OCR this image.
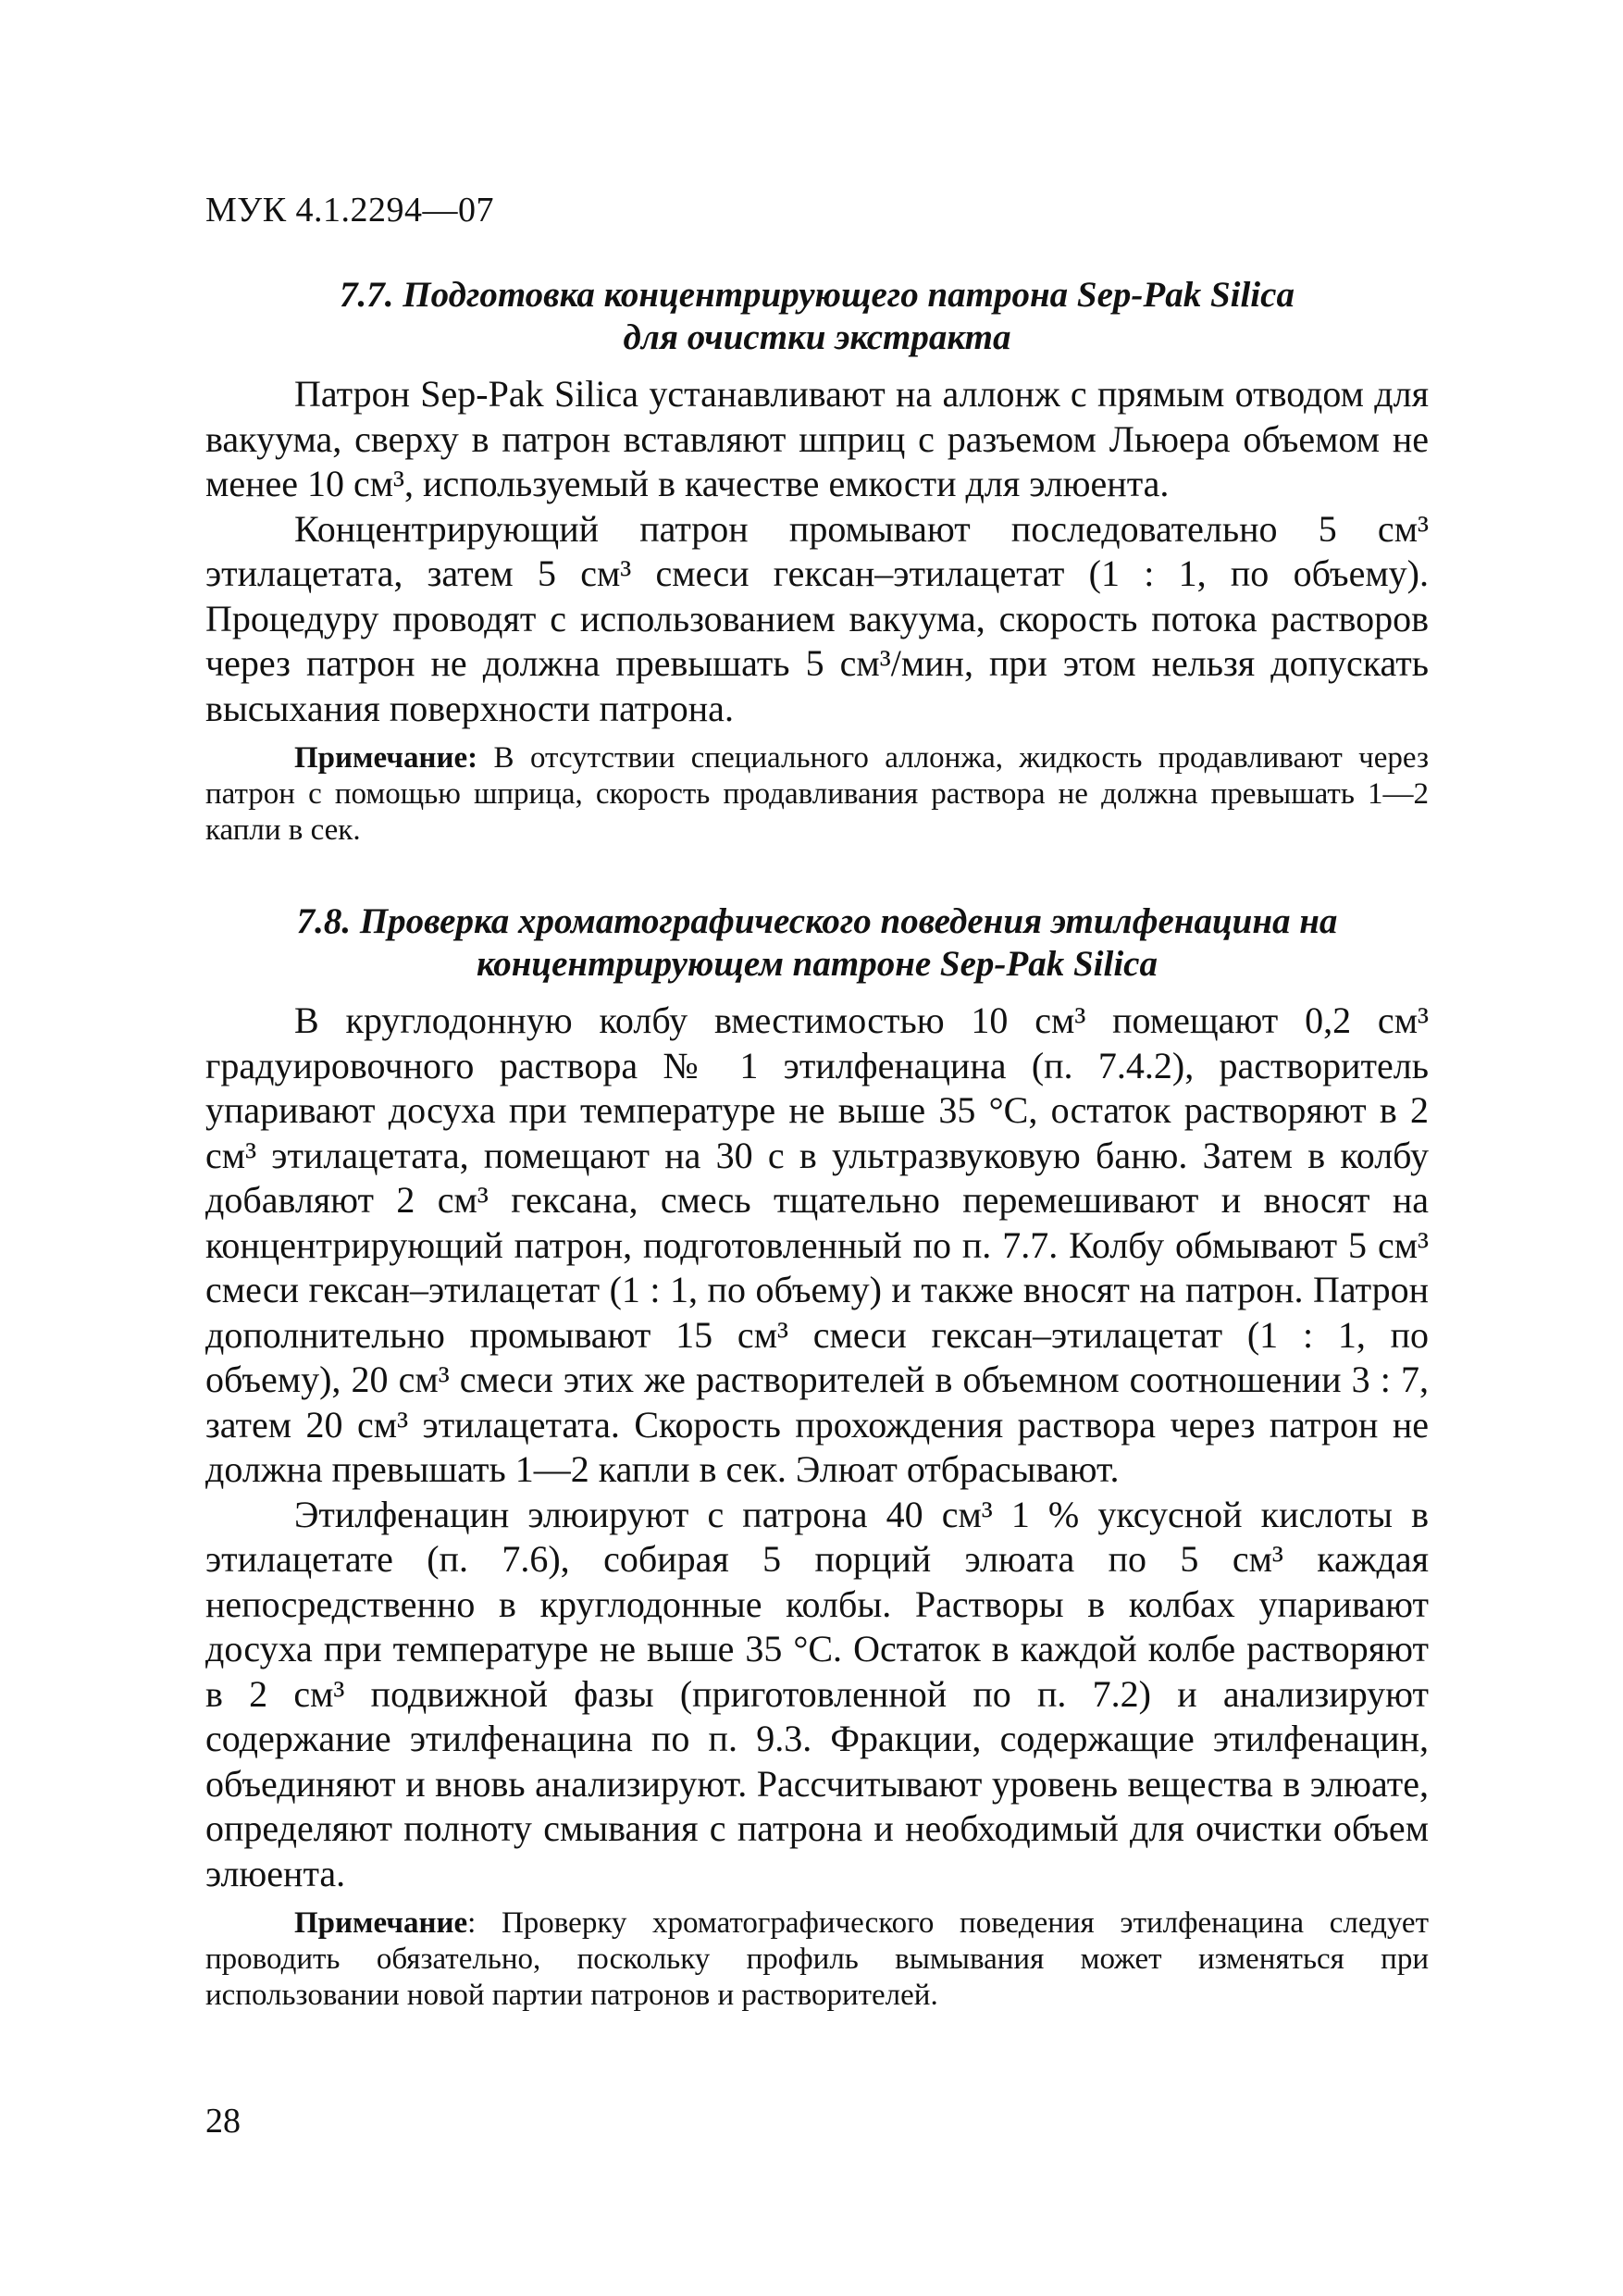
МУК 4.1.2294—07
7.7. Подготовка концентрирующего патрона Sep-Pak Silica
для очистки экстракта

Патрон Sep-Pak Silica устанавливают на аллонж с прямым отводом для вакуума, сверху в патрон вставляют шприц с разъемом Льюера объемом не менее 10 см³, используемый в качестве емкости для элюента.

Концентрирующий патрон промывают последовательно 5 см³ этилацетата, затем 5 см³ смеси гексан–этилацетат (1 : 1, по объему). Процедуру проводят с использованием вакуума, скорость потока растворов через патрон не должна превышать 5 см³/мин, при этом нельзя допускать высыхания поверхности патрона.

Примечание: В отсутствии специального аллонжа, жидкость продавливают через патрон с помощью шприца, скорость продавливания раствора не должна превышать 1—2 капли в сек.

7.8. Проверка хроматографического поведения этилфенацина на
концентрирующем патроне Sep-Pak Silica

В круглодонную колбу вместимостью 10 см³ помещают 0,2 см³ градуировочного раствора № 1 этилфенацина (п. 7.4.2), растворитель упаривают досуха при температуре не выше 35 °С, остаток растворяют в 2 см³ этилацетата, помещают на 30 с в ультразвуковую баню. Затем в колбу добавляют 2 см³ гексана, смесь тщательно перемешивают и вносят на концентрирующий патрон, подготовленный по п. 7.7. Колбу обмывают 5 см³ смеси гексан–этилацетат (1 : 1, по объему) и также вносят на патрон. Патрон дополнительно промывают 15 см³ смеси гексан–этилацетат (1 : 1, по объему), 20 см³ смеси этих же растворителей в объемном соотношении 3 : 7, затем 20 см³ этилацетата. Скорость прохождения раствора через патрон не должна превышать 1—2 капли в сек. Элюат отбрасывают.

Этилфенацин элюируют с патрона 40 см³ 1 % уксусной кислоты в этилацетате (п. 7.6), собирая 5 порций элюата по 5 см³ каждая непосредственно в круглодонные колбы. Растворы в колбах упаривают досуха при температуре не выше 35 °С. Остаток в каждой колбе растворяют в 2 см³ подвижной фазы (приготовленной по п. 7.2) и анализируют содержание этилфенацина по п. 9.3. Фракции, содержащие этилфенацин, объединяют и вновь анализируют. Рассчитывают уровень вещества в элюате, определяют полноту смывания с патрона и необходимый для очистки объем элюента.

Примечание: Проверку хроматографического поведения этилфенацина следует проводить обязательно, поскольку профиль вымывания может изменяться при использовании новой партии патронов и растворителей.

28
